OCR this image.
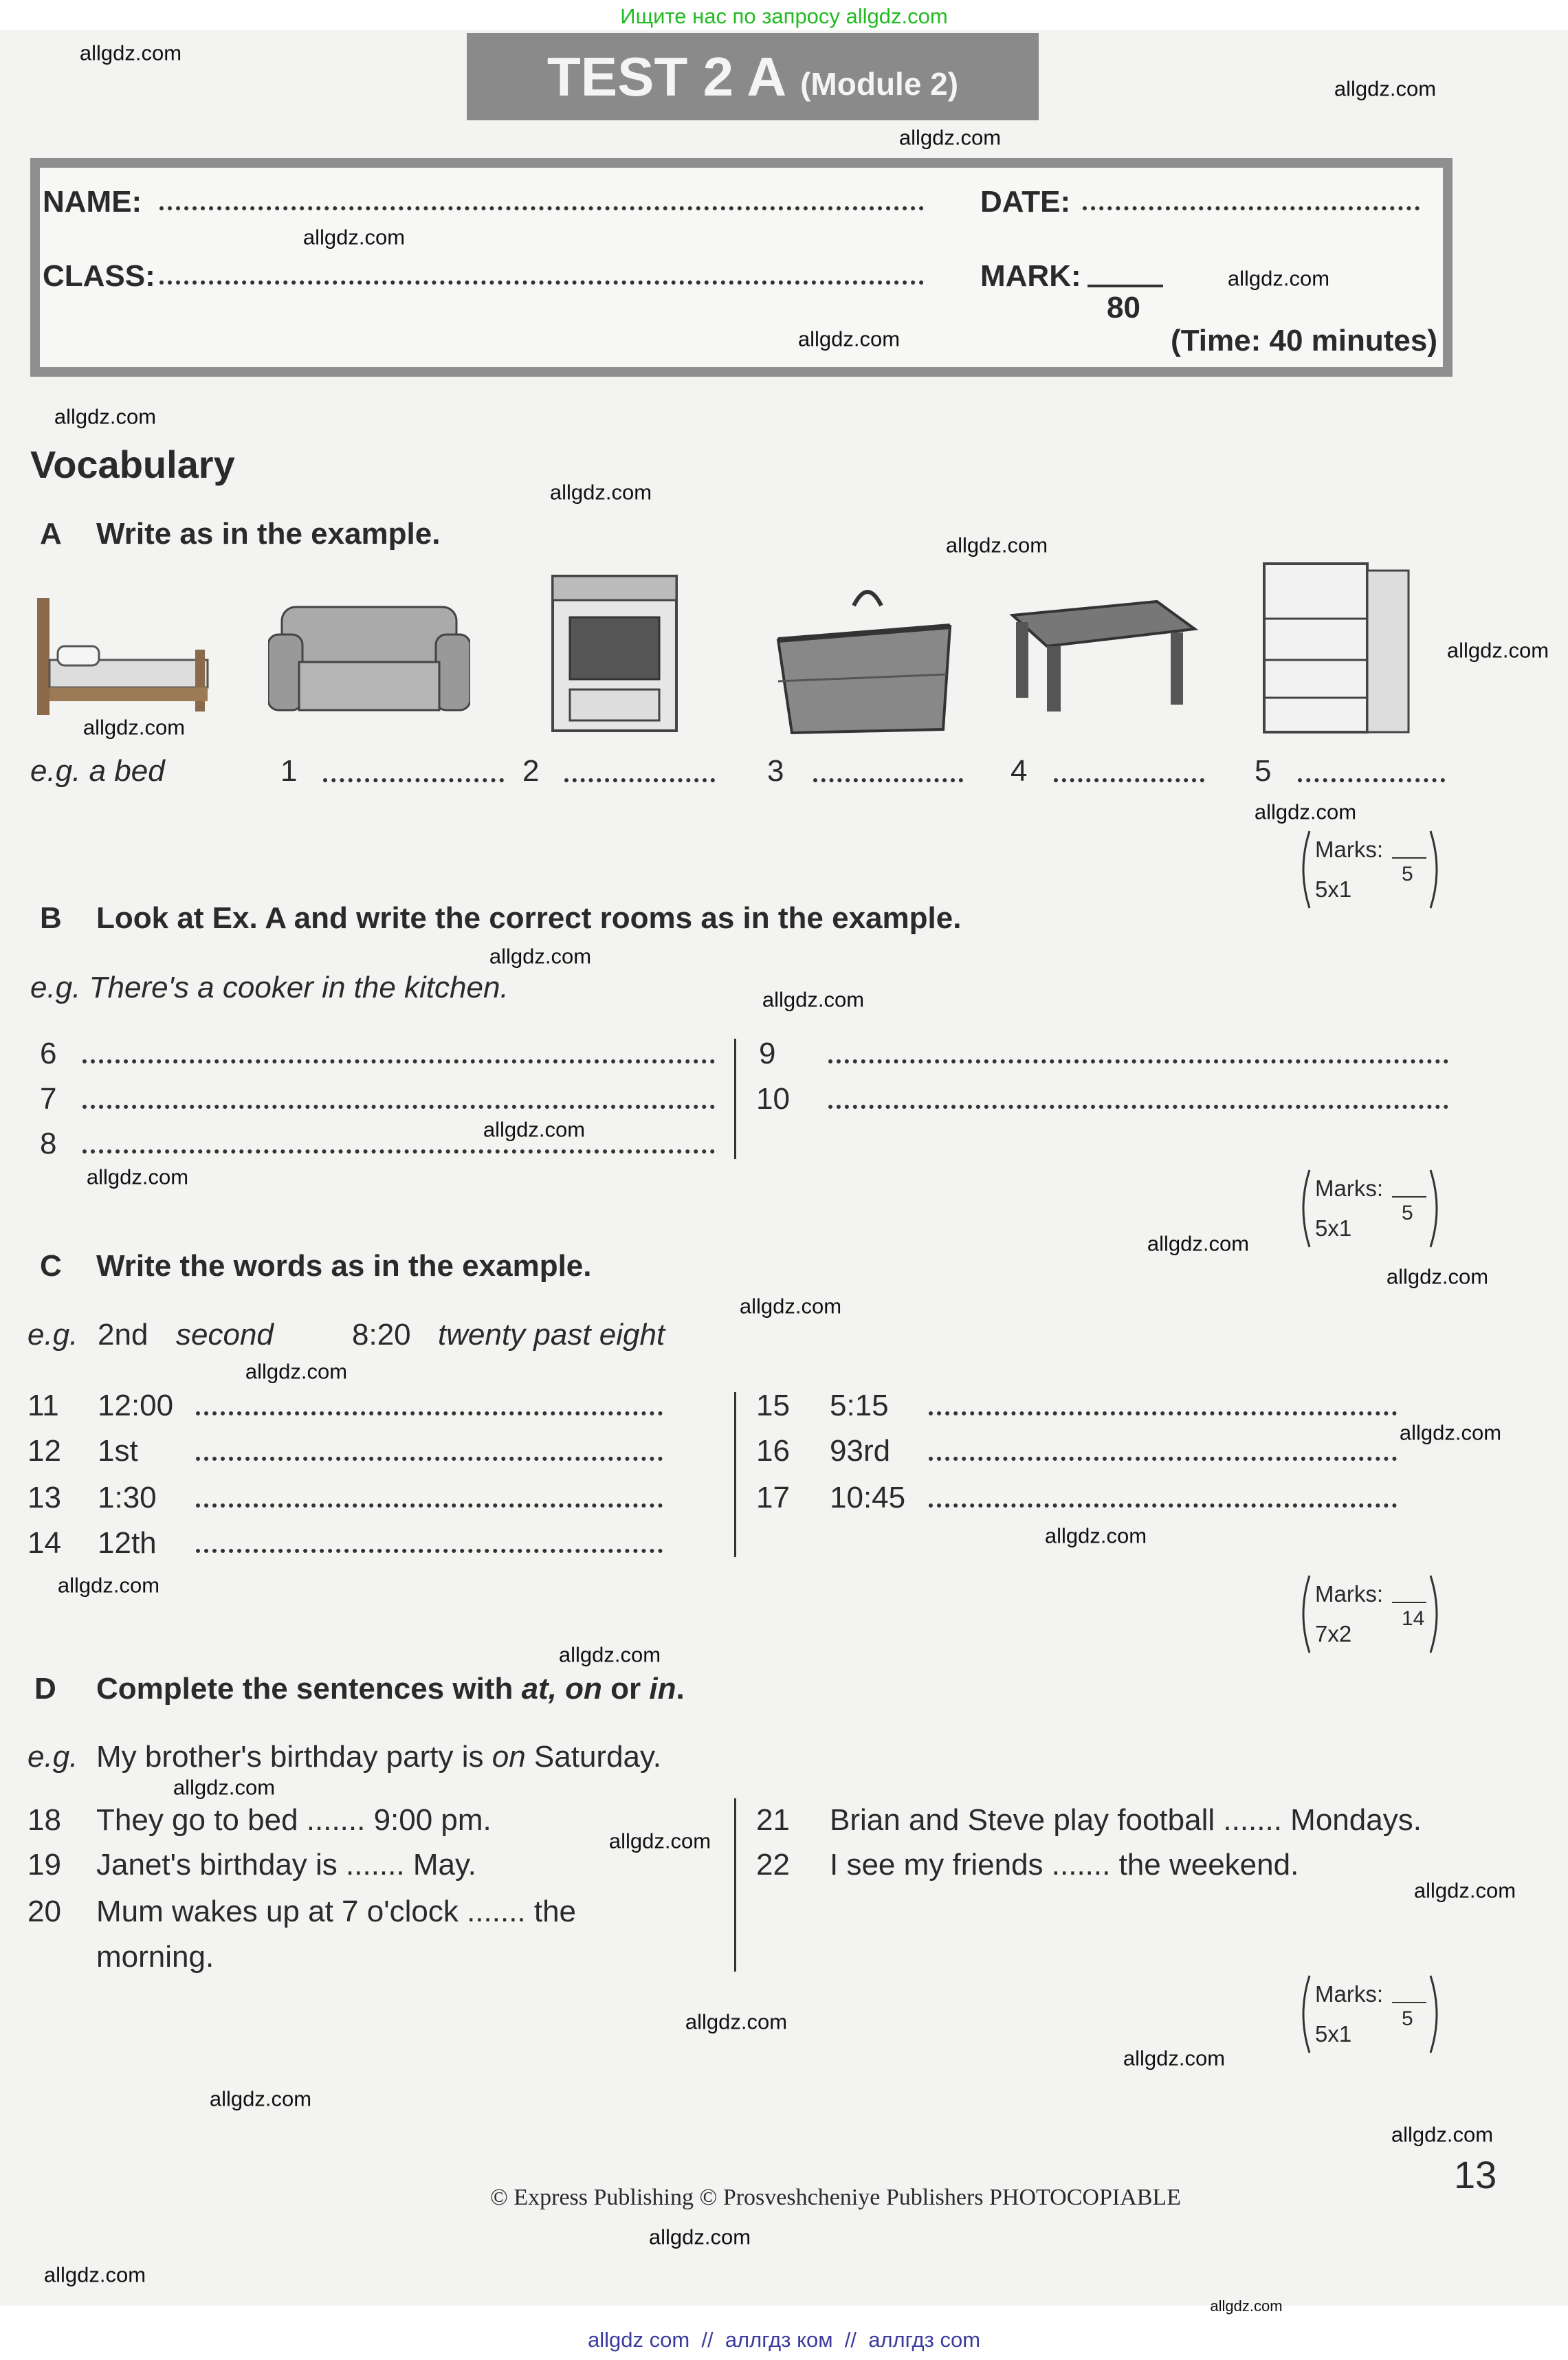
Ищите нас по запросу allgdz.com
TEST 2 A (Module 2)
NAME:	DATE:
CLASS:	MARK:
80
(Time: 40 minutes)
Vocabulary
A Write as in the example.
e.g. a bed	1	2	3	4	5
Marks:
5x1
5
B Look at Ex. A and write the correct rooms as in the example.
e.g. There's a cooker in the kitchen.
6
7
8
9
10
Marks:
5x1
5
C Write the words as in the example.
e.g. 2nd second	8:20 twenty past eight
11 12:00
12 1st
13 1:30
14 12th
15 5:15
16 93rd
17 10:45
Marks:
7x2
14
D Complete the sentences with at, on or in.
e.g. My brother's birthday party is on Saturday.
18 They go to bed ....... 9:00 pm.
19 Janet's birthday is ....... May.
20 Mum wakes up at 7 o'clock ....... the
morning.
21 Brian and Steve play football ....... Mondays.
22 I see my friends ....... the weekend.
Marks:
5x1
5
13
© Express Publishing © Prosveshcheniye Publishers PHOTOCOPIABLE
allgdz com  //  аллгдз ком  //  аллгдз com
allgdz.com
allgdz.com
allgdz.com
allgdz.com
allgdz.com
allgdz.com
allgdz.com
allgdz.com
allgdz.com
allgdz.com
allgdz.com
allgdz.com
allgdz.com
allgdz.com
allgdz.com
allgdz.com
allgdz.com
allgdz.com
allgdz.com
allgdz.com
allgdz.com
allgdz.com
allgdz.com
allgdz.com
allgdz.com
allgdz.com
allgdz.com
allgdz.com
allgdz.com
allgdz.com
allgdz.com
allgdz.com
allgdz.com
allgdz.com
